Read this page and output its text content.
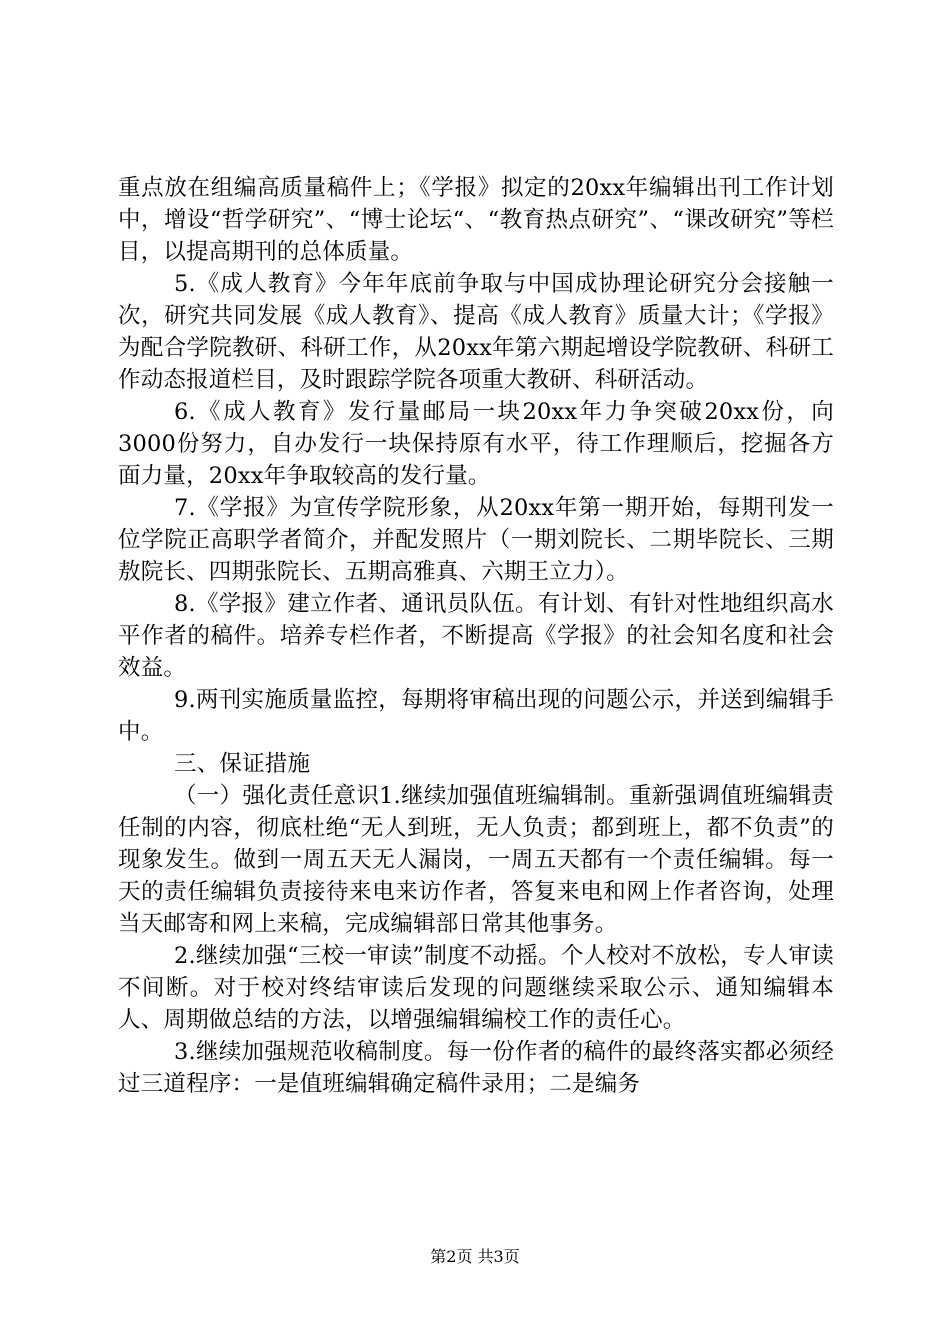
重点放在组编高质量稿件上；《学报》拟定的20xx年编辑出刊工作计划中，增设“哲学研究”、“博士论坛“、“教育热点研究”、“课改研究”等栏目，以提高期刊的总体质量。

5.《成人教育》今年年底前争取与中国成协理论研究分会接触一次，研究共同发展《成人教育》、提高《成人教育》质量大计；《学报》为配合学院教研、科研工作，从20xx年第六期起增设学院教研、科研工作动态报道栏目，及时跟踪学院各项重大教研、科研活动。

6.《成人教育》发行量邮局一块20xx年力争突破20xx份，向3000份努力，自办发行一块保持原有水平，待工作理顺后，挖掘各方面力量，20xx年争取较高的发行量。

7.《学报》为宣传学院形象，从20xx年第一期开始，每期刊发一位学院正高职学者简介，并配发照片（一期刘院长、二期毕院长、三期敖院长、四期张院长、五期高雅真、六期王立力）。

8.《学报》建立作者、通讯员队伍。有计划、有针对性地组织高水平作者的稿件。培养专栏作者，不断提高《学报》的社会知名度和社会效益。

9.两刊实施质量监控，每期将审稿出现的问题公示，并送到编辑手中。

三、保证措施

（一）强化责任意识1.继续加强值班编辑制。重新强调值班编辑责任制的内容，彻底杜绝“无人到班，无人负责；都到班上，都不负责”的现象发生。做到一周五天无人漏岗，一周五天都有一个责任编辑。每一天的责任编辑负责接待来电来访作者，答复来电和网上作者咨询，处理当天邮寄和网上来稿，完成编辑部日常其他事务。

2.继续加强“三校一审读”制度不动摇。个人校对不放松，专人审读不间断。对于校对终结审读后发现的问题继续采取公示、通知编辑本人、周期做总结的方法，以增强编辑编校工作的责任心。

3.继续加强规范收稿制度。每一份作者的稿件的最终落实都必须经过三道程序：一是值班编辑确定稿件录用；二是编务

第2页 共3页
